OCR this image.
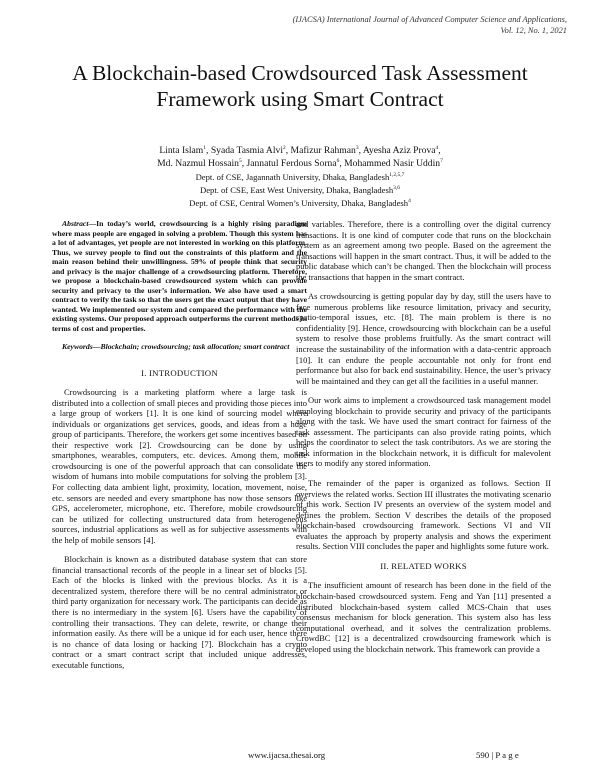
(IJACSA) International Journal of Advanced Computer Science and Applications,
Vol. 12, No. 1, 2021
A Blockchain-based Crowdsourced Task Assessment
Framework using Smart Contract
Linta Islam$^1$, Syada Tasmia Alvi$^2$, Mafizur Rahman$^3$, Ayesha Aziz Prova$^4$,
Md. Nazmul Hossain$^5$, Jannatul Ferdous Sorna$^6$, Mohammed Nasir Uddin$^7$
Dept. of CSE, Jagannath University, Dhaka, Bangladesh$^{1,2,5,7}$
Dept. of CSE, East West University, Dhaka, Bangladesh$^{3,6}$
Dept. of CSE, Central Women’s University, Dhaka, Bangladesh$^4$

Abstract—In today’s world, crowdsourcing is a highly rising paradigm where mass people are engaged in solving a problem. Though this system has a lot of advantages, yet people are not interested in working on this platform. Thus, we survey people to find out the constraints of this platform and the main reason behind their unwillingness. 59% of people think that security and privacy is the major challenge of a crowdsourcing platform. Therefore, we propose a blockchain-based crowdsourced system which can provide security and privacy to the user’s information. We also have used a smart contract to verify the task so that the users get the exact output that they have wanted. We implemented our system and compared the performance with the existing systems. Our proposed approach outperforms the current methods in terms of cost and properties.

Keywords—Blockchain; crowdsourcing; task allocation; smart contract

I. INTRODUCTION

Crowdsourcing is a marketing platform where a large task is distributed into a collection of small pieces and providing those pieces into a large group of workers [1]. It is one kind of sourcing model where individuals or organizations get services, goods, and ideas from a huge group of participants. Therefore, the workers get some incentives based on their respective work [2]. Crowdsourcing can be done by using smartphones, wearables, computers, etc. devices. Among them, mobile crowdsourcing is one of the powerful approach that can consolidate the wisdom of humans into mobile computations for solving the problem [3]. For collecting data ambient light, proximity, location, movement, noise, etc. sensors are needed and every smartphone has now those sensors like GPS, accelerometer, microphone, etc. Therefore, mobile crowdsourcing can be utilized for collecting unstructured data from heterogeneous sources, industrial applications as well as for subjective assessments with the help of mobile sensors [4].

Blockchain is known as a distributed database system that can store financial transactional records of the people in a linear set of blocks [5]. Each of the blocks is linked with the previous blocks. As it is a decentralized system, therefore there will be no central administrator or third party organization for necessary work. The participants can decide as there is no intermediary in the system [6]. Users have the capability of controlling their transactions. They can delete, rewrite, or change their information easily. As there will be a unique id for each user, hence there is no chance of data losing or hacking [7]. Blockchain has a crypto contract or a smart contract script that included unique addresses, executable functions,

and variables. Therefore, there is a controlling over the digital currency transactions. It is one kind of computer code that runs on the blockchain system as an agreement among two people. Based on the agreement the transactions will happen in the smart contract. Thus, it will be added to the public database which can’t be changed. Then the blockchain will process the transactions that happen in the smart contract.

As crowdsourcing is getting popular day by day, still the users have to face numerous problems like resource limitation, privacy and security, spatio-temporal issues, etc. [8]. The main problem is there is no confidentiality [9]. Hence, crowdsourcing with blockchain can be a useful system to resolve those problems fruitfully. As the smart contract will increase the sustainability of the information with a data-centric approach [10]. It can endure the people accountable not only for front end performance but also for back end sustainability. Hence, the user’s privacy will be maintained and they can get all the facilities in a useful manner.

Our work aims to implement a crowdsourced task management model employing blockchain to provide security and privacy of the participants along with the task. We have used the smart contract for fairness of the task assessment. The participants can also provide rating points, which helps the coordinator to select the task contributors. As we are storing the task information in the blockchain network, it is difficult for malevolent users to modify any stored information.

The remainder of the paper is organized as follows. Section II overviews the related works. Section III illustrates the motivating scenario of this work. Section IV presents an overview of the system model and defines the problem. Section V describes the details of the proposed blockchain-based crowdsourcing framework. Sections VI and VII evaluates the approach by property analysis and shows the experiment results. Section VIII concludes the paper and highlights some future work.

II. RELATED WORKS

The insufficient amount of research has been done in the field of the blockchain-based crowdsourced system. Feng and Yan [11] presented a distributed blockchain-based system called MCS-Chain that uses consensus mechanism for block generation. This system also has less computational overhead, and it solves the centralization problems. CrowdBC [12] is a decentralized crowdsourcing framework which is developed using the blockchain network. This framework can provide a

www.ijacsa.thesai.org	590 | P a g e
